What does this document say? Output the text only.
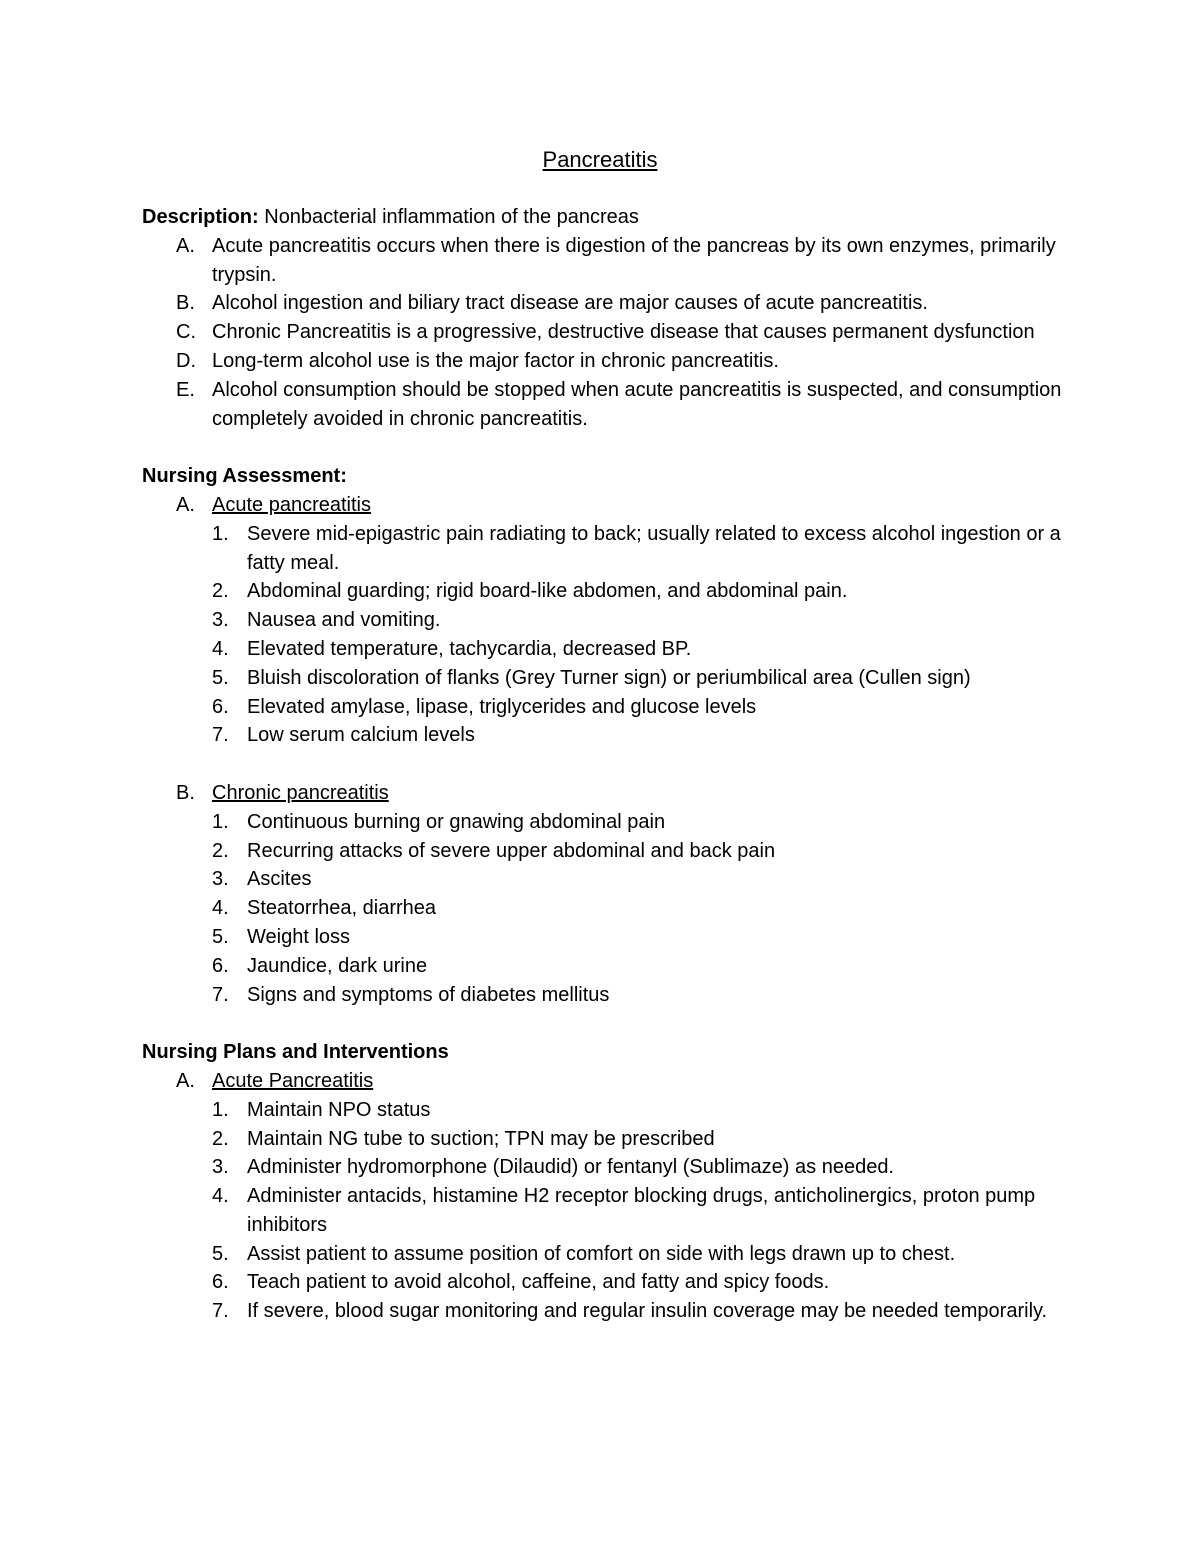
Pancreatitis
Description: Nonbacterial inflammation of the pancreas
A. Acute pancreatitis occurs when there is digestion of the pancreas by its own enzymes, primarily trypsin.
B. Alcohol ingestion and biliary tract disease are major causes of acute pancreatitis.
C. Chronic Pancreatitis is a progressive, destructive disease that causes permanent dysfunction
D. Long-term alcohol use is the major factor in chronic pancreatitis.
E. Alcohol consumption should be stopped when acute pancreatitis is suspected, and consumption completely avoided in chronic pancreatitis.
Nursing Assessment:
A. Acute pancreatitis
1. Severe mid-epigastric pain radiating to back; usually related to excess alcohol ingestion or a fatty meal.
2. Abdominal guarding; rigid board-like abdomen, and abdominal pain.
3. Nausea and vomiting.
4. Elevated temperature, tachycardia, decreased BP.
5. Bluish discoloration of flanks (Grey Turner sign) or periumbilical area (Cullen sign)
6. Elevated amylase, lipase, triglycerides and glucose levels
7. Low serum calcium levels
B. Chronic pancreatitis
1. Continuous burning or gnawing abdominal pain
2. Recurring attacks of severe upper abdominal and back pain
3. Ascites
4. Steatorrhea, diarrhea
5. Weight loss
6. Jaundice, dark urine
7. Signs and symptoms of diabetes mellitus
Nursing Plans and Interventions
A. Acute Pancreatitis
1. Maintain NPO status
2. Maintain NG tube to suction; TPN may be prescribed
3. Administer hydromorphone (Dilaudid) or fentanyl (Sublimaze) as needed.
4. Administer antacids, histamine H2 receptor blocking drugs, anticholinergics, proton pump inhibitors
5. Assist patient to assume position of comfort on side with legs drawn up to chest.
6. Teach patient to avoid alcohol, caffeine, and fatty and spicy foods.
7. If severe, blood sugar monitoring and regular insulin coverage may be needed temporarily.
